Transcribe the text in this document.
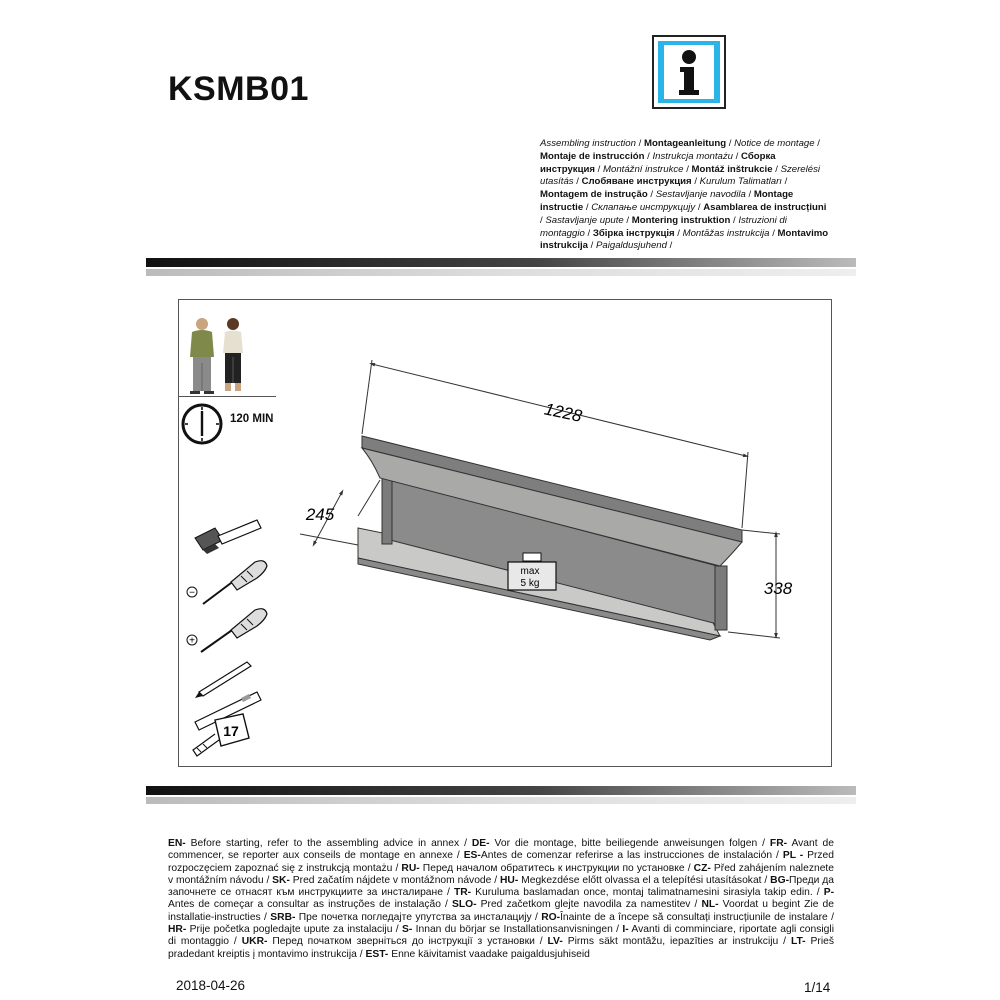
KSMB01
Assembling instruction / Montageanleitung / Notice de montage / Montaje de instrucción / Instrukcja montażu / Сборка инструкция / Montážní instrukce / Montáž inštrukcie / Szerelési utasítás / Слобяване инструкция / Kurulum Talimatları / Montagem de instrução / Sestavljanje navodila / Montage instructie / Склапање инструкцију / Asamblarea de instrucțiuni / Sastavljanje upute / Montering instruktion / Istruzioni di montaggio / Збірка інструкція / Montāžas instrukcija / Montavimo instrukcija / Paigaldusjuhend /
120 MIN
−
+
17
max
5 kg
1228
245
338
EN- Before starting, refer to the assembling advice in annex / DE- Vor die montage, bitte beiliegende anweisungen folgen / FR- Avant de commencer, se reporter aux conseils de montage en annexe / ES-Antes de comenzar referirse a las instrucciones de instalación / PL - Przed rozpoczęciem zapoznać się z instrukcją montażu / RU- Перед началом обратитесь к инструкции по установке / CZ- Před zahájením naleznete v montážním návodu / SK- Pred začatím nájdete v montážnom návode / HU- Megkezdése előtt olvassa el a telepítési utasításokat / BG-Преди да започнете се отнасят към инструкциите за инсталиране / TR- Kuruluma baslamadan once, montaj talimatnamesini sirasiyla takip edin. / P- Antes de começar a consultar as instruções de instalação / SLO- Pred začetkom glejte navodila za namestitev / NL- Voordat u begint Zie de installatie-instructies / SRB- Пре почетка погледајте упутства за инсталацију / RO-Înainte de a începe să consultați instrucțiunile de instalare / HR- Prije početka pogledajte upute za instalaciju / S- Innan du börjar se Installationsanvisningen / I- Avanti di comminciare, riportate agli consigli di montaggio / UKR- Перед початком звернiться до iнструкцiї з установки / LV- Pirms säkt montāžu, iepazīties ar instrukciju / LT- Prieš pradedant kreiptis į montavimo instrukcija / EST- Enne käivitamist vaadake paigaldusjuhiseid
2018-04-26	1/14
